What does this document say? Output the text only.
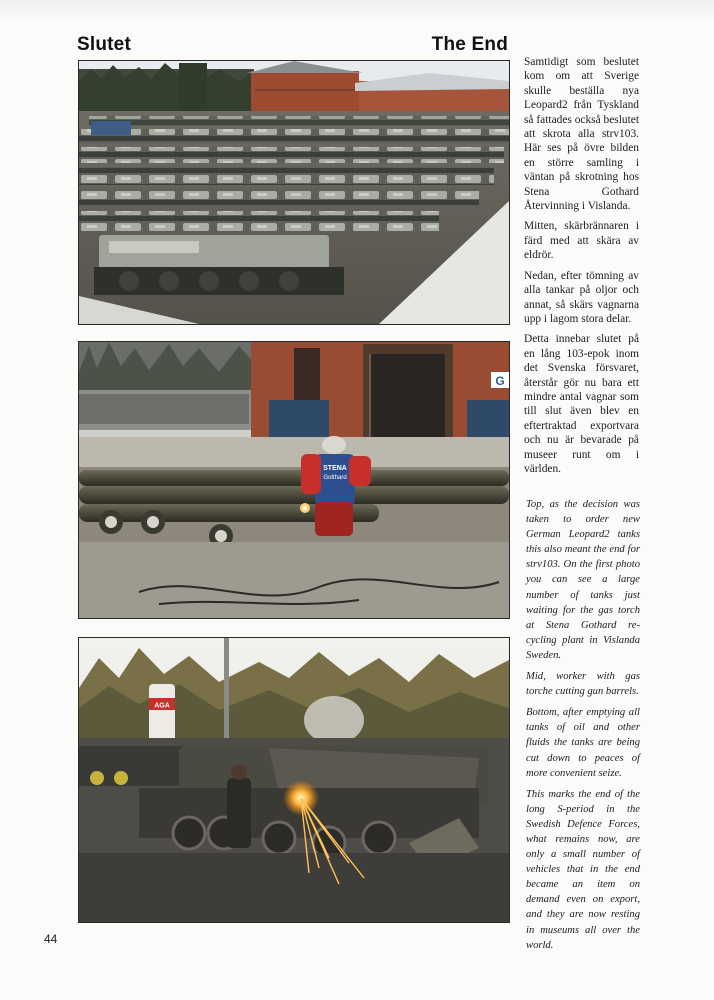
Slutet	The End
G
STENA
Gotthard
AGA

Samtidigt som beslutet kom om att Sverige skulle beställa nya Leopard2 från Tyskland så fattades också beslutet att skrota alla strv103. Här ses på övre bilden en större samling i väntan på skrotning hos Stena Gothard Återvinning i Vislanda.

Mitten, skärbrännaren i färd med att skära av eldrör.

Nedan, efter tömning av alla tankar på oljor och annat, så skärs vagnarna upp i lagom stora delar.

Detta innebar slutet på en lång 103-epok inom det Svenska försvaret, återstår gör nu bara ett mindre antal vagnar som till slut även blev en eftertraktad exportvara och nu är bevarade på museer runt om i världen.

Top, as the decision was taken to order new German Leopard2 tanks this also meant the end for strv103. On the first photo you can see a large number of tanks just waiting for the gas torch at Stena Gothard re-cycling plant in Vislanda Sweden.

Mid, worker with gas torche cutting gun barrels.

Bottom, after emptying all tanks of oil and other fluids the tanks are being cut down to peaces of more convenient seize.

This marks the end of the long S-period in the Swedish Defence Forces, what remains now, are only a small number of vehicles that in the end became an item on demand even on export, and they are now resting in museums all over the world.

44
